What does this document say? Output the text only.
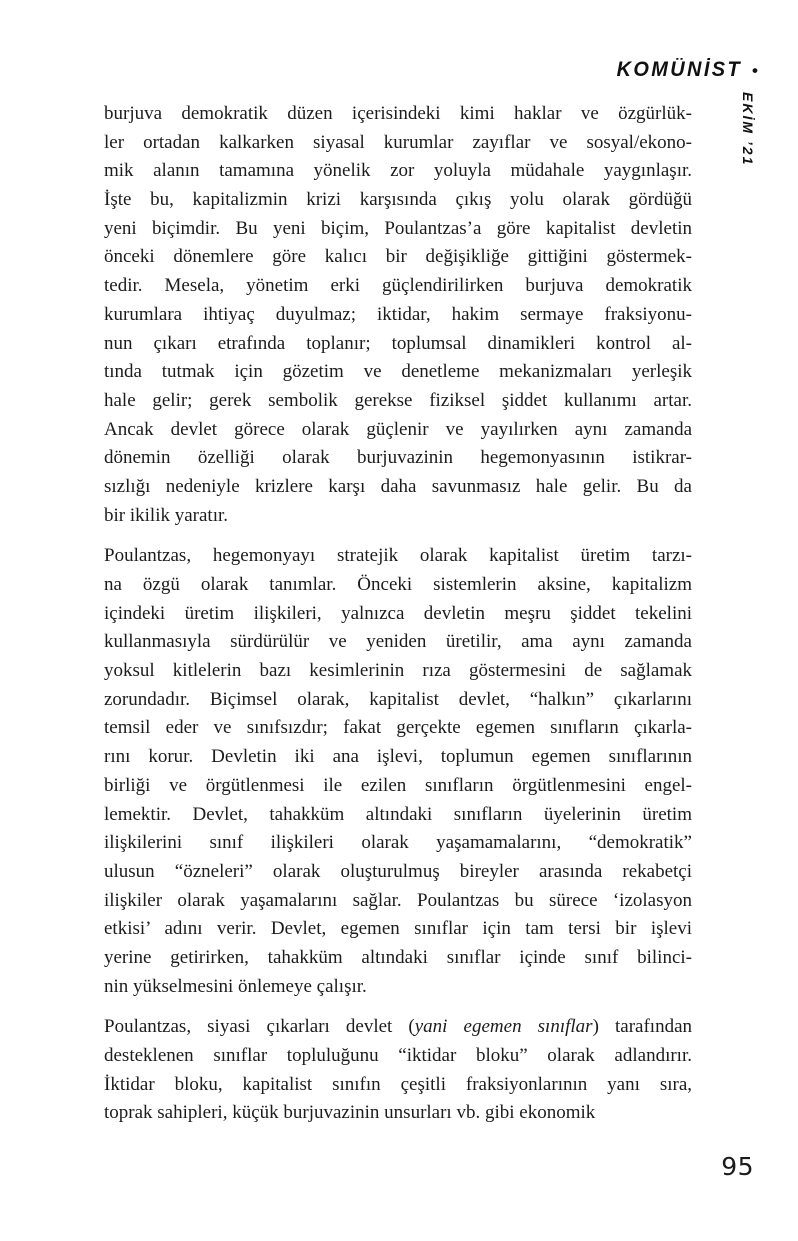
KOMÜNİST •
EKİM ’21
burjuva demokratik düzen içerisindeki kimi haklar ve özgürlük-
ler ortadan kalkarken siyasal kurumlar zayıflar ve sosyal/ekono-
mik alanın tamamına yönelik zor yoluyla müdahale yaygınlaşır.
İşte bu, kapitalizmin krizi karşısında çıkış yolu olarak gördüğü
yeni biçimdir. Bu yeni biçim, Poulantzas’a göre kapitalist devletin
önceki dönemlere göre kalıcı bir değişikliğe gittiğini göstermek-
tedir. Mesela, yönetim erki güçlendirilirken burjuva demokratik
kurumlara ihtiyaç duyulmaz; iktidar, hakim sermaye fraksiyonu-
nun çıkarı etrafında toplanır; toplumsal dinamikleri kontrol al-
tında tutmak için gözetim ve denetleme mekanizmaları yerleşik
hale gelir; gerek sembolik gerekse fiziksel şiddet kullanımı artar.
Ancak devlet görece olarak güçlenir ve yayılırken aynı zamanda
dönemin özelliği olarak burjuvazinin hegemonyasının istikrar-
sızlığı nedeniyle krizlere karşı daha savunmasız hale gelir. Bu da
bir ikilik yaratır.
Poulantzas, hegemonyayı stratejik olarak kapitalist üretim tarzı-
na özgü olarak tanımlar. Önceki sistemlerin aksine, kapitalizm
içindeki üretim ilişkileri, yalnızca devletin meşru şiddet tekelini
kullanmasıyla sürdürülür ve yeniden üretilir, ama aynı zamanda
yoksul kitlelerin bazı kesimlerinin rıza göstermesini de sağlamak
zorundadır. Biçimsel olarak, kapitalist devlet, “halkın” çıkarlarını
temsil eder ve sınıfsızdır; fakat gerçekte egemen sınıfların çıkarla-
rını korur. Devletin iki ana işlevi, toplumun egemen sınıflarının
birliği ve örgütlenmesi ile ezilen sınıfların örgütlenmesini engel-
lemektir. Devlet, tahakküm altındaki sınıfların üyelerinin üretim
ilişkilerini sınıf ilişkileri olarak yaşamamalarını, “demokratik”
ulusun “özneleri” olarak oluşturulmuş bireyler arasında rekabetçi
ilişkiler olarak yaşamalarını sağlar. Poulantzas bu sürece ‘izolasyon
etkisi’ adını verir. Devlet, egemen sınıflar için tam tersi bir işlevi
yerine getirirken, tahakküm altındaki sınıflar içinde sınıf bilinci-
nin yükselmesini önlemeye çalışır.
Poulantzas, siyasi çıkarları devlet (yani egemen sınıflar) tarafından
desteklenen sınıflar topluluğunu “iktidar bloku” olarak adlandırır.
İktidar bloku, kapitalist sınıfın çeşitli fraksiyonlarının yanı sıra,
toprak sahipleri, küçük burjuvazinin unsurları vb. gibi ekonomik
95
